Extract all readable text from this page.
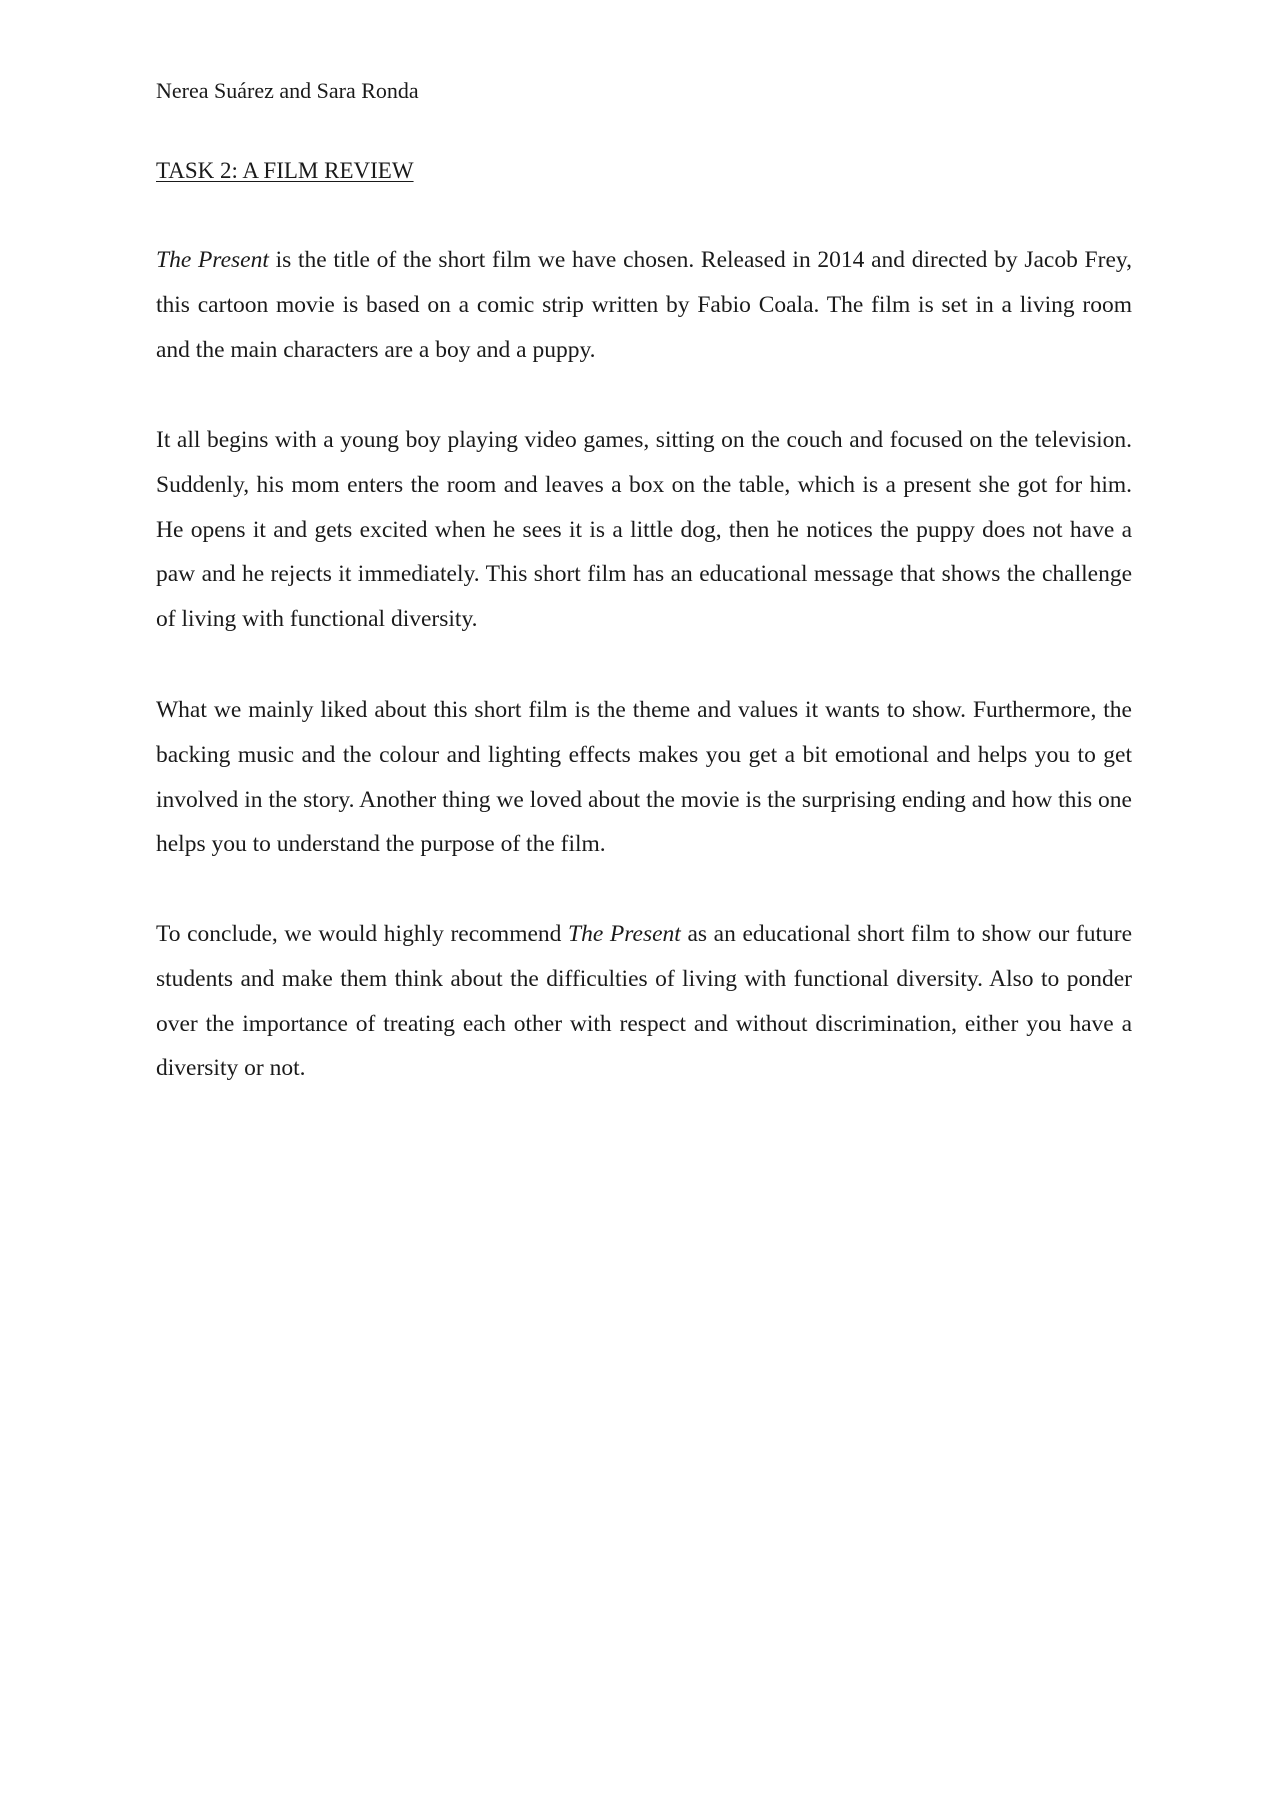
Nerea Suárez and Sara Ronda
TASK 2: A FILM REVIEW

The Present is the title of the short film we have chosen. Released in 2014 and directed by Jacob Frey, this cartoon movie is based on a comic strip written by Fabio Coala. The film is set in a living room and the main characters are a boy and a puppy.

It all begins with a young boy playing video games, sitting on the couch and focused on the television. Suddenly, his mom enters the room and leaves a box on the table, which is a present she got for him. He opens it and gets excited when he sees it is a little dog, then he notices the puppy does not have a paw and he rejects it immediately. This short film has an educational message that shows the challenge of living with functional diversity.

What we mainly liked about this short film is the theme and values it wants to show. Furthermore, the backing music and the colour and lighting effects makes you get a bit emotional and helps you to get involved in the story. Another thing we loved about the movie is the surprising ending and how this one helps you to understand the purpose of the film.

To conclude, we would highly recommend The Present as an educational short film to show our future students and make them think about the difficulties of living with functional diversity. Also to ponder over the importance of treating each other with respect and without discrimination, either you have a diversity or not.
